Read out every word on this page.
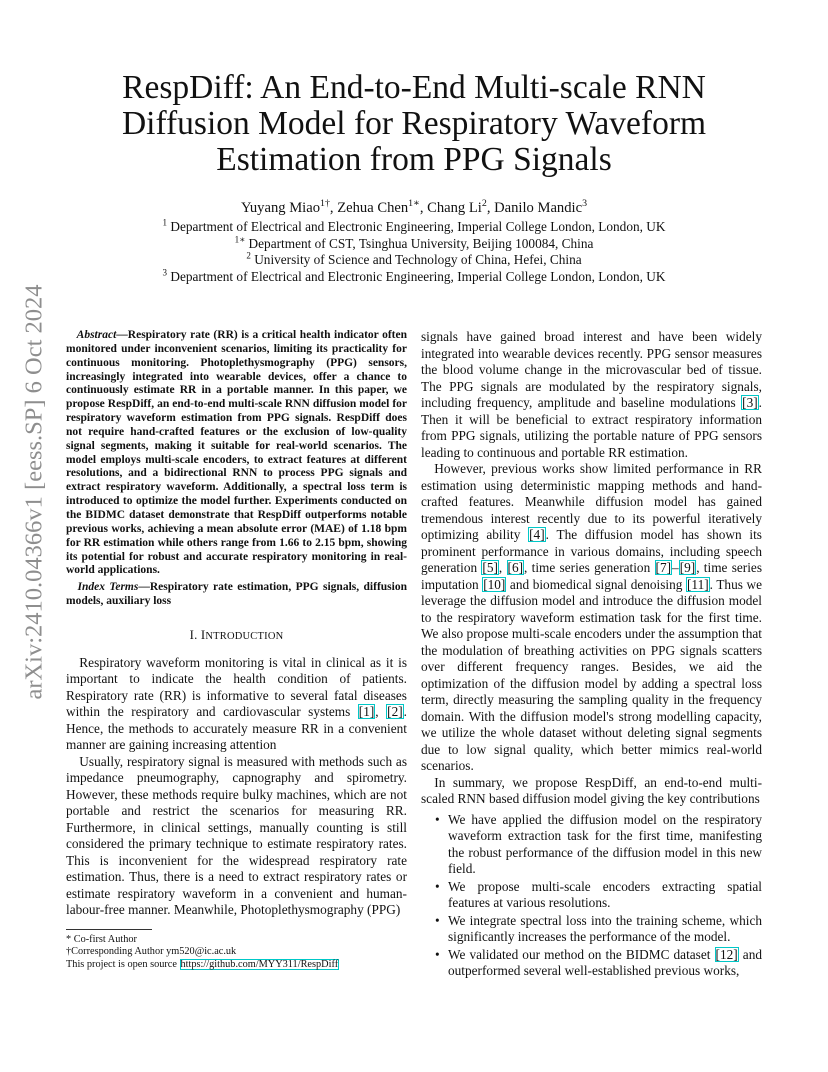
arXiv:2410.04366v1 [eess.SP] 6 Oct 2024
RespDiff: An End-to-End Multi-scale RNN Diffusion Model for Respiratory Waveform Estimation from PPG Signals
Yuyang Miao$^{1\dagger}$, Zehua Chen$^{1∗}$, Chang Li$^2$, Danilo Mandic$^3$
$^1$ Department of Electrical and Electronic Engineering, Imperial College London, London, UK
$^{1∗}$ Department of CST, Tsinghua University, Beijing 100084, China
$^2$ University of Science and Technology of China, Hefei, China
$^3$ Department of Electrical and Electronic Engineering, Imperial College London, London, UK

Abstract—Respiratory rate (RR) is a critical health indicator often monitored under inconvenient scenarios, limiting its practicality for continuous monitoring. Photoplethysmography (PPG) sensors, increasingly integrated into wearable devices, offer a chance to continuously estimate RR in a portable manner. In this paper, we propose RespDiff, an end-to-end multi-scale RNN diffusion model for respiratory waveform estimation from PPG signals. RespDiff does not require hand-crafted features or the exclusion of low-quality signal segments, making it suitable for real-world scenarios. The model employs multi-scale encoders, to extract features at different resolutions, and a bidirectional RNN to process PPG signals and extract respiratory waveform. Additionally, a spectral loss term is introduced to optimize the model further. Experiments conducted on the BIDMC dataset demonstrate that RespDiff outperforms notable previous works, achieving a mean absolute error (MAE) of 1.18 bpm for RR estimation while others range from 1.66 to 2.15 bpm, showing its potential for robust and accurate respiratory monitoring in real-world applications.

Index Terms—Respiratory rate estimation, PPG signals, diffusion models, auxiliary loss

I. INTRODUCTION

Respiratory waveform monitoring is vital in clinical as it is important to indicate the health condition of patients. Respiratory rate (RR) is informative to several fatal diseases within the respiratory and cardiovascular systems [1], [2]. Hence, the methods to accurately measure RR in a convenient manner are gaining increasing attention

Usually, respiratory signal is measured with methods such as impedance pneumography, capnography and spirometry. However, these methods require bulky machines, which are not portable and restrict the scenarios for measuring RR. Furthermore, in clinical settings, manually counting is still considered the primary technique to estimate respiratory rates. This is inconvenient for the widespread respiratory rate estimation. Thus, there is a need to extract respiratory rates or estimate respiratory waveform in a convenient and human-labour-free manner. Meanwhile, Photoplethysmography (PPG)

signals have gained broad interest and have been widely integrated into wearable devices recently. PPG sensor measures the blood volume change in the microvascular bed of tissue. The PPG signals are modulated by the respiratory signals, including frequency, amplitude and baseline modulations [3]. Then it will be beneficial to extract respiratory information from PPG signals, utilizing the portable nature of PPG sensors leading to continuous and portable RR estimation.

However, previous works show limited performance in RR estimation using deterministic mapping methods and hand-crafted features. Meanwhile diffusion model has gained tremendous interest recently due to its powerful iteratively optimizing ability [4]. The diffusion model has shown its prominent performance in various domains, including speech generation [5], [6], time series generation [7]–[9], time series imputation [10] and biomedical signal denoising [11]. Thus we leverage the diffusion model and introduce the diffusion model to the respiratory waveform estimation task for the first time. We also propose multi-scale encoders under the assumption that the modulation of breathing activities on PPG signals scatters over different frequency ranges. Besides, we aid the optimization of the diffusion model by adding a spectral loss term, directly measuring the sampling quality in the frequency domain. With the diffusion model's strong modelling capacity, we utilize the whole dataset without deleting signal segments due to low signal quality, which better mimics real-world scenarios.

In summary, we propose RespDiff, an end-to-end multi-scaled RNN based diffusion model giving the key contributions

• We have applied the diffusion model on the respiratory waveform extraction task for the first time, manifesting the robust performance of the diffusion model in this new field.
• We propose multi-scale encoders extracting spatial features at various resolutions.
• We integrate spectral loss into the training scheme, which significantly increases the performance of the model.
• We validated our method on the BIDMC dataset [12] and outperformed several well-established previous works,
* Co-first Author
†Corresponding Author ym520@ic.ac.uk
This project is open source https://github.com/MYY311/RespDiff
